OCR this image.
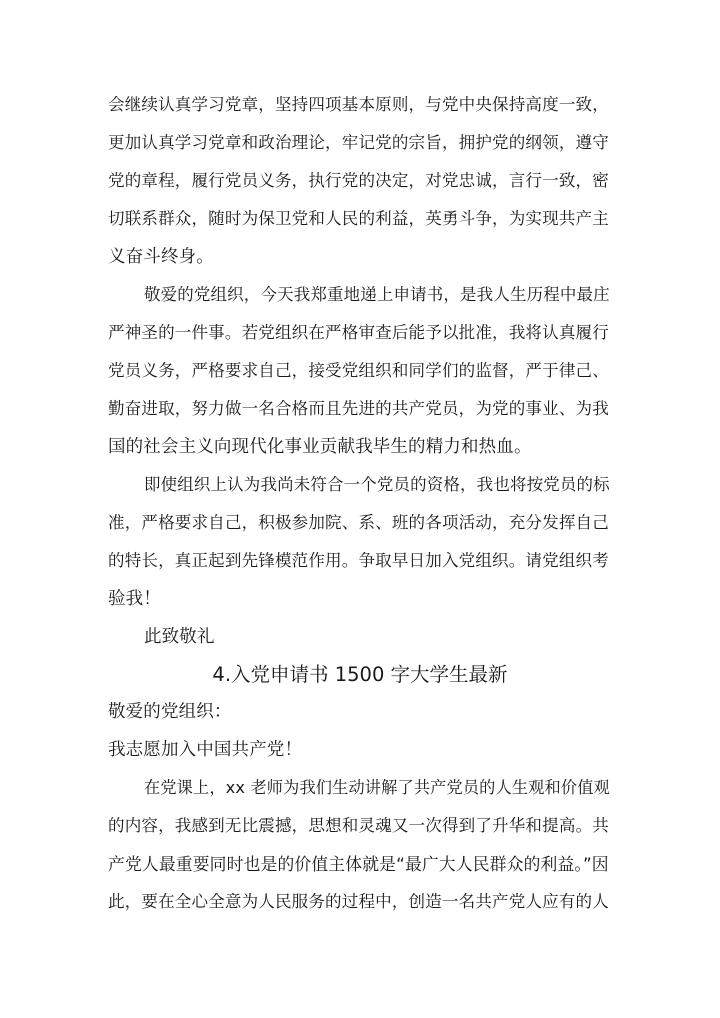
会继续认真学习党章，坚持四项基本原则，与党中央保持高度一致，
更加认真学习党章和政治理论，牢记党的宗旨，拥护党的纲领，遵守
党的章程，履行党员义务，执行党的决定，对党忠诚，言行一致，密
切联系群众，随时为保卫党和人民的利益，英勇斗争，为实现共产主
义奋斗终身。
敬爱的党组织，今天我郑重地递上申请书，是我人生历程中最庄
严神圣的一件事。若党组织在严格审查后能予以批准，我将认真履行
党员义务，严格要求自己，接受党组织和同学们的监督，严于律己、
勤奋进取，努力做一名合格而且先进的共产党员，为党的事业、为我
国的社会主义向现代化事业贡献我毕生的精力和热血。
即使组织上认为我尚未符合一个党员的资格，我也将按党员的标
准，严格要求自己，积极参加院、系、班的各项活动，充分发挥自己
的特长，真正起到先锋模范作用。争取早日加入党组织。请党组织考
验我！
此致敬礼
4.入党申请书 1500 字大学生最新
敬爱的党组织：
我志愿加入中国共产党！
在党课上，xx 老师为我们生动讲解了共产党员的人生观和价值观
的内容，我感到无比震撼，思想和灵魂又一次得到了升华和提高。共
产党人最重要同时也是的价值主体就是“最广大人民群众的利益。”因
此，要在全心全意为人民服务的过程中，创造一名共产党人应有的人
